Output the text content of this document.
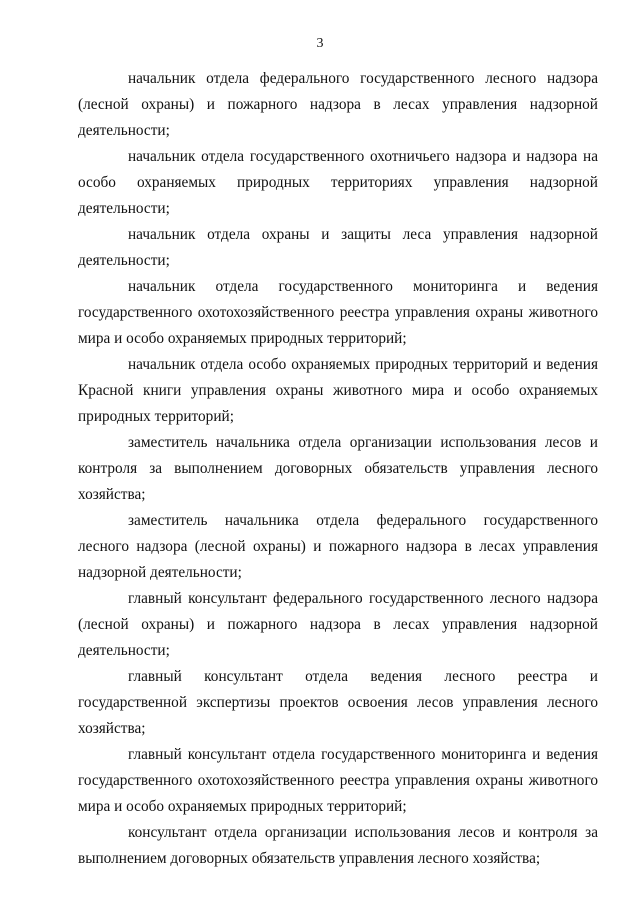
3

начальник отдела федерального государственного лесного надзора (лесной охраны) и пожарного надзора в лесах управления надзорной деятельности;

начальник отдела государственного охотничьего надзора и надзора на особо охраняемых природных территориях управления надзорной деятельности;

начальник отдела охраны и защиты леса управления надзорной деятельности;

начальник отдела государственного мониторинга и ведения государственного охотохозяйственного реестра управления охраны животного мира и особо охраняемых природных территорий;

начальник отдела особо охраняемых природных территорий и ведения Красной книги управления охраны животного мира и особо охраняемых природных территорий;

заместитель начальника отдела организации использования лесов и контроля за выполнением договорных обязательств управления лесного хозяйства;

заместитель начальника отдела федерального государственного лесного надзора (лесной охраны) и пожарного надзора в лесах управления надзорной деятельности;

главный консультант федерального государственного лесного надзора (лесной охраны) и пожарного надзора в лесах управления надзорной деятельности;

главный консультант отдела ведения лесного реестра и государственной экспертизы проектов освоения лесов управления лесного хозяйства;

главный консультант отдела государственного мониторинга и ведения государственного охотохозяйственного реестра управления охраны животного мира и особо охраняемых природных территорий;

консультант отдела организации использования лесов и контроля за выполнением договорных обязательств управления лесного хозяйства;
